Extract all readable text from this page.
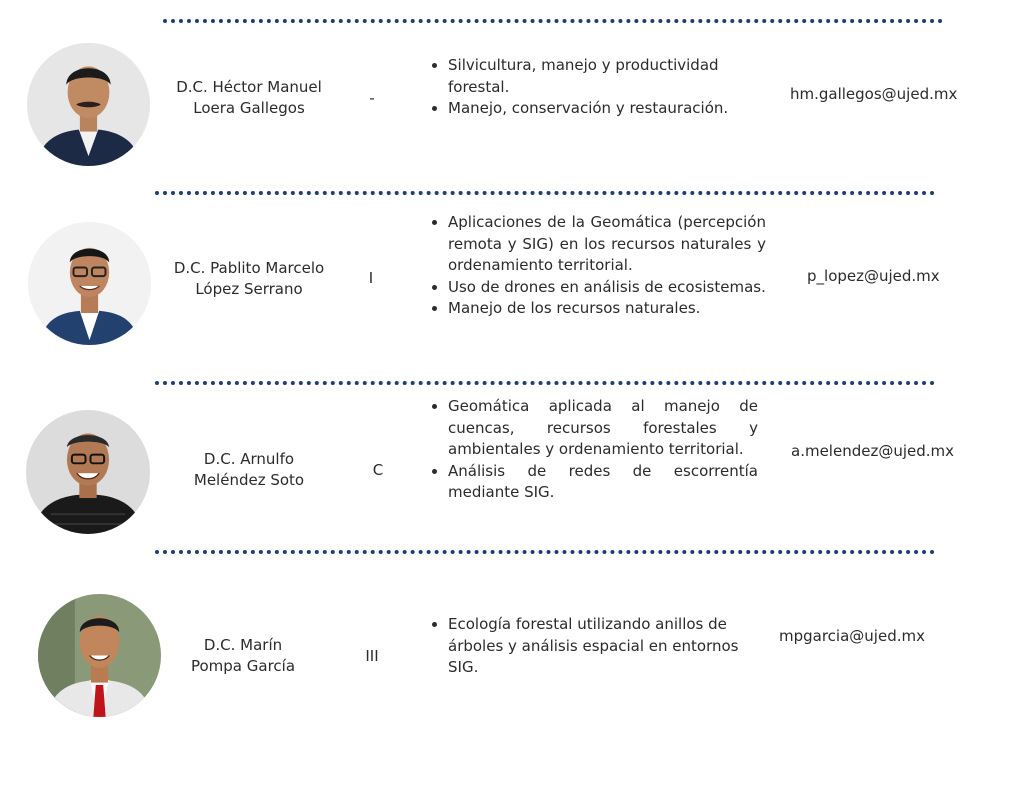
D.C. Héctor Manuel
Loera Gallegos
-
• Silvicultura, manejo y productividad forestal.
• Manejo, conservación y restauración.
hm.gallegos@ujed.mx
D.C. Pablito Marcelo
López Serrano
I
• Aplicaciones de la Geomática (percepción remota y SIG) en los recursos naturales y ordenamiento territorial.
• Uso de drones en análisis de ecosistemas.
• Manejo de los recursos naturales.
p_lopez@ujed.mx
D.C. Arnulfo
Meléndez Soto
C
• Geomática aplicada al manejo de cuencas, recursos forestales y ambientales y ordenamiento territorial.
• Análisis de redes de escorrentía mediante SIG.
a.melendez@ujed.mx
D.C. Marín
Pompa García
III
• Ecología forestal utilizando anillos de árboles y análisis espacial en entornos SIG.
mpgarcia@ujed.mx
